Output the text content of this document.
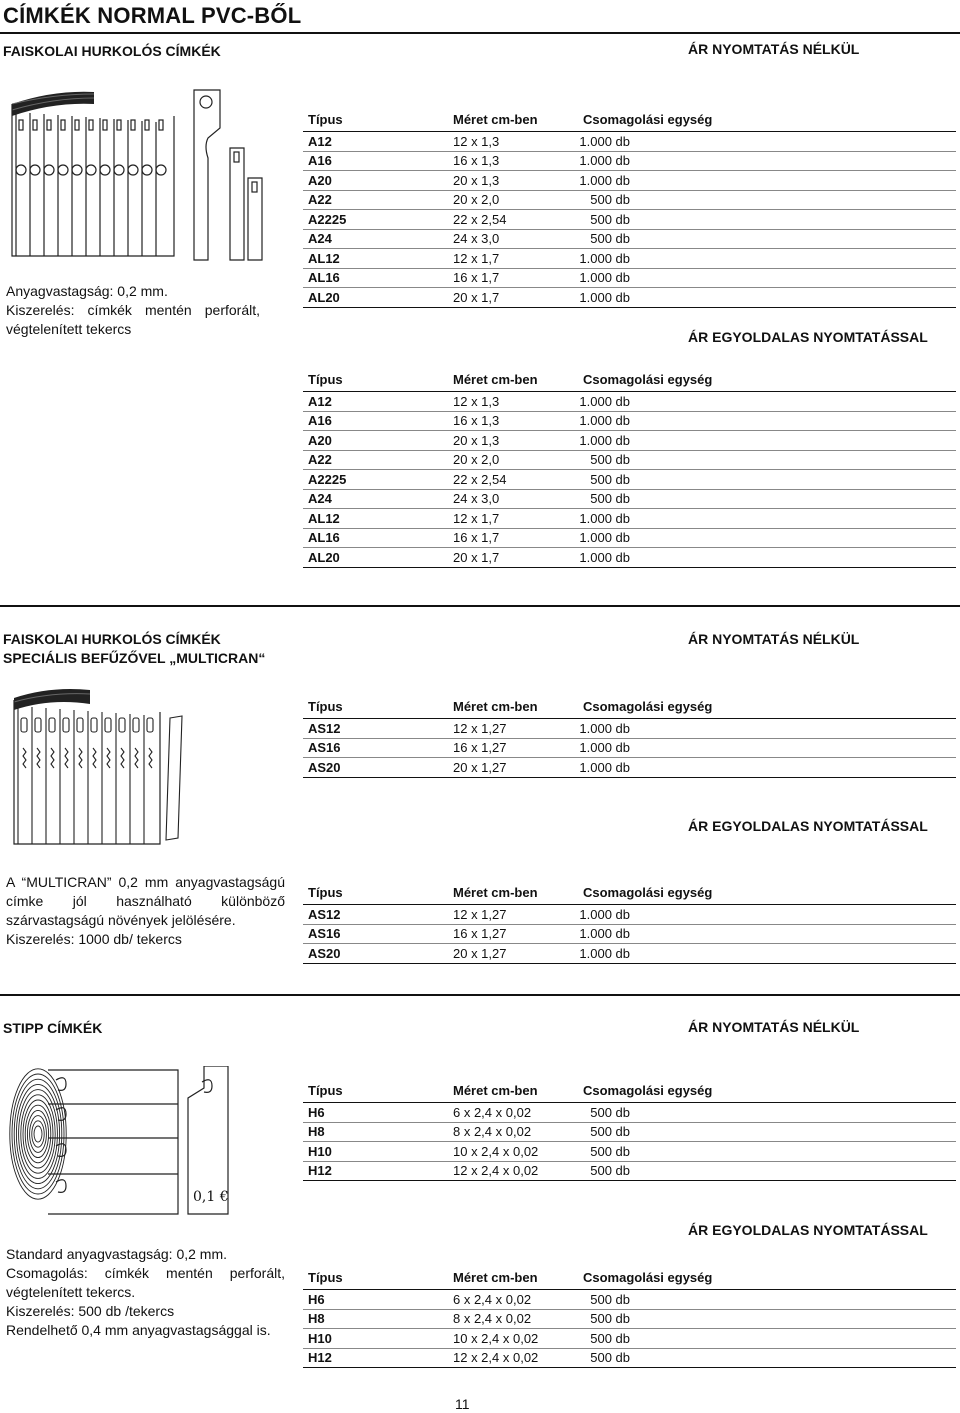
CÍMKÉK NORMAL PVC-BŐL
FAISKOLAI HURKOLÓS CÍMKÉK	ÁR NYOMTATÁS NÉLKÜL
Anyagvastagság: 0,2 mm.

Kiszerelés: címkék mentén perforált,
végtelenített tekercs
Típus	Méret cm-ben	Csomagolási egység
A12	12 x 1,3	1.000 db
A16	16 x 1,3	1.000 db
A20	20 x 1,3	1.000 db
A22	20 x 2,0	500 db
A2225	22 x 2,54	500 db
A24	24 x 3,0	500 db
AL12	12 x 1,7	1.000 db
AL16	16 x 1,7	1.000 db
AL20	20 x 1,7	1.000 db
ÁR EGYOLDALAS NYOMTATÁSSAL
Típus	Méret cm-ben	Csomagolási egység
A12	12 x 1,3	1.000 db
A16	16 x 1,3	1.000 db
A20	20 x 1,3	1.000 db
A22	20 x 2,0	500 db
A2225	22 x 2,54	500 db
A24	24 x 3,0	500 db
AL12	12 x 1,7	1.000 db
AL16	16 x 1,7	1.000 db
AL20	20 x 1,7	1.000 db
FAISKOLAI HURKOLÓS CÍMKÉK
SPECIÁLIS BEFŰZŐVEL „MULTICRAN“
ÁR NYOMTATÁS NÉLKÜL
Típus	Méret cm-ben	Csomagolási egység
AS12	12 x 1,27	1.000 db
AS16	16 x 1,27	1.000 db
AS20	20 x 1,27	1.000 db
ÁR EGYOLDALAS NYOMTATÁSSAL
A “MULTICRAN” 0,2 mm anyagvastagságú
címke jól használható különböző
szárvastagságú növények jelölésére.
Kiszerelés: 1000 db/ tekercs
Típus	Méret cm-ben	Csomagolási egység
AS12	12 x 1,27	1.000 db
AS16	16 x 1,27	1.000 db
AS20	20 x 1,27	1.000 db
STIPP CÍMKÉK	ÁR NYOMTATÁS NÉLKÜL
0,1 €
Típus	Méret cm-ben	Csomagolási egység
H6	6 x 2,4 x 0,02	500 db
H8	8 x 2,4 x 0,02	500 db
H10	10 x 2,4 x 0,02	500 db
H12	12 x 2,4 x 0,02	500 db
ÁR EGYOLDALAS NYOMTATÁSSAL
Standard anyagvastagság: 0,2 mm.

Csomagolás: címkék mentén perforált,
végtelenített tekercs.
Kiszerelés: 500 db /tekercs
Rendelhető 0,4 mm anyagvastagsággal is.
Típus	Méret cm-ben	Csomagolási egység
H6	6 x 2,4 x 0,02	500 db
H8	8 x 2,4 x 0,02	500 db
H10	10 x 2,4 x 0,02	500 db
H12	12 x 2,4 x 0,02	500 db
11
